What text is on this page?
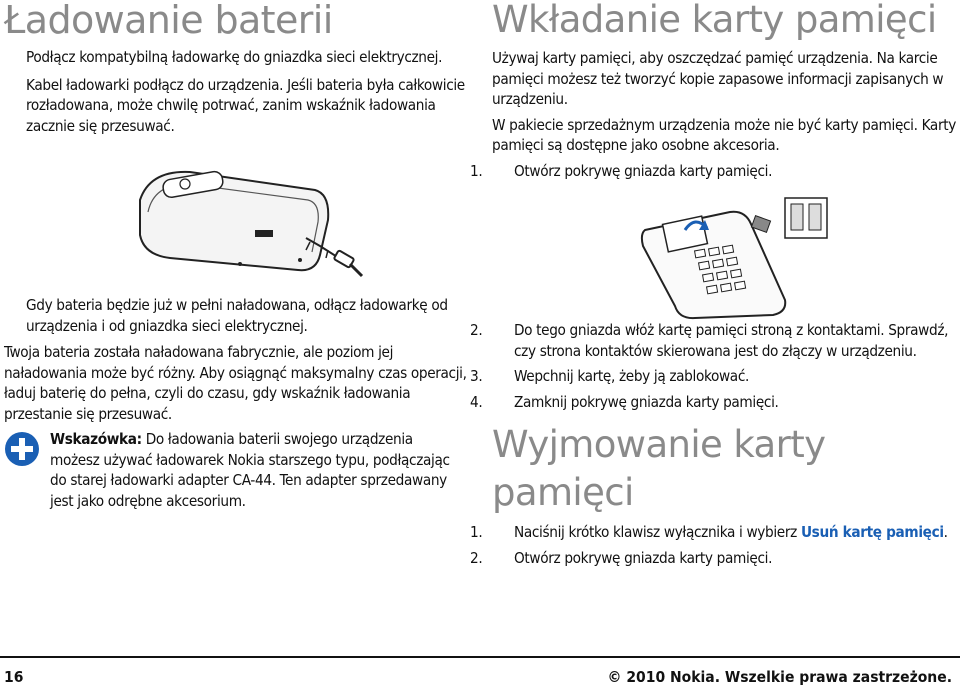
Ładowanie baterii
Podłącz kompatybilną ładowarkę do gniazdka sieci elektrycznej.
Kabel ładowarki podłącz do urządzenia. Jeśli bateria była całkowicie rozładowana, może chwilę potrwać, zanim wskaźnik ładowania zacznie się przesuwać.
Gdy bateria będzie już w pełni naładowana, odłącz ładowarkę od urządzenia i od gniazdka sieci elektrycznej.

Twoja bateria została naładowana fabrycznie, ale poziom jej naładowania może być różny. Aby osiągnąć maksymalny czas operacji, ładuj baterię do pełna, czyli do czasu, gdy wskaźnik ładowania przestanie się przesuwać.

Wskazówka: Do ładowania baterii swojego urządzenia możesz używać ładowarek Nokia starszego typu, podłączając do starej ładowarki adapter CA-44. Ten adapter sprzedawany jest jako odrębne akcesorium.

Wkładanie karty pamięci

Używaj karty pamięci, aby oszczędzać pamięć urządzenia. Na karcie pamięci możesz też tworzyć kopie zapasowe informacji zapisanych w urządzeniu.

W pakiecie sprzedażnym urządzenia może nie być karty pamięci. Karty pamięci są dostępne jako osobne akcesoria.

1. Otwórz pokrywę gniazda karty pamięci.
2. Do tego gniazda włóż kartę pamięci stroną z kontaktami. Sprawdź, czy strona kontaktów skierowana jest do złączy w urządzeniu.
3. Wepchnij kartę, żeby ją zablokować.
4. Zamknij pokrywę gniazda karty pamięci.
Wyjmowanie karty pamięci
1. Naciśnij krótko klawisz wyłącznika i wybierz Usuń kartę pamięci.
2. Otwórz pokrywę gniazda karty pamięci.
16	© 2010 Nokia. Wszelkie prawa zastrzeżone.
